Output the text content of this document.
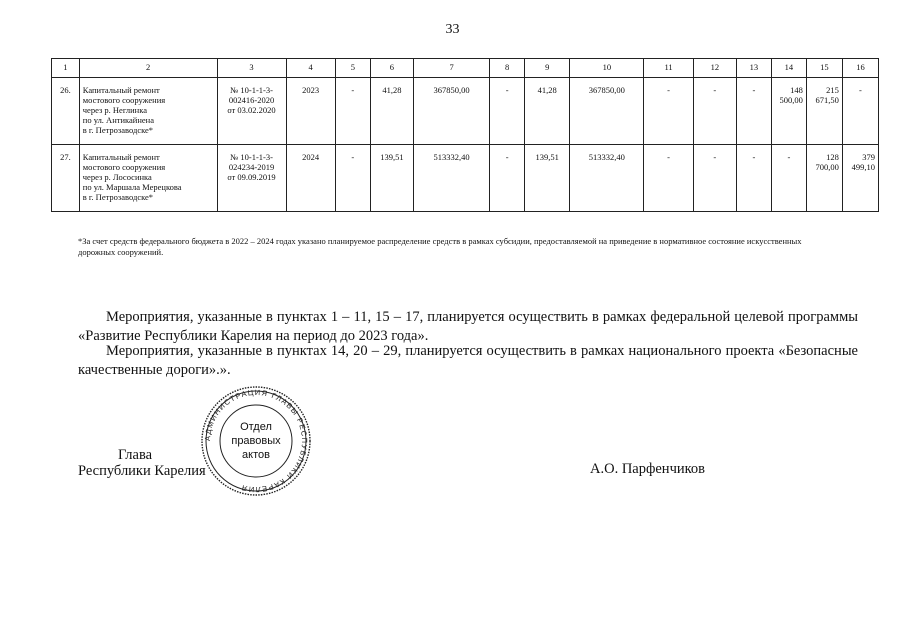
33
1	2	3	4	5	6	7	8	9	10	11	12	13	14	15	16
26.	Капитальный ремонт
мостового сооружения
через р. Неглинка
по ул. Антикайнена
в г. Петрозаводске*	№ 10-1-1-3-
002416-2020
от 03.02.2020	2023	-	41,28	367850,00	-	41,28	367850,00	-	-	-	148
500,00	215
671,50	-
27.	Капитальный ремонт
мостового сооружения
через р. Лососинка
по ул. Маршала Мерецкова
в г. Петрозаводске*	№ 10-1-1-3-
024234-2019
от 09.09.2019	2024	-	139,51	513332,40	-	139,51	513332,40	-	-	-	-	128
700,00	379
499,10
*За счет средств федерального бюджета в 2022 – 2024 годах указано планируемое распределение средств в рамках субсидии, предоставляемой на приведение в нормативное состояние искусственных дорожных сооружений.
Мероприятия, указанные в пунктах 1 – 11, 15 – 17, планируется осуществить в рамках федеральной целевой программы «Развитие Республики Карелия на период до 2023 года».
Мероприятия, указанные в пунктах 14, 20 – 29, планируется осуществить в рамках национального проекта «Безопасные качественные дороги».».
Глава
Республики Карелия	А.О. Парфенчиков
АДМИНИСТРАЦИЯ ГЛАВЫ РЕСПУБЛИКИ КАРЕЛИЯ
Отдел
правовых
актов
